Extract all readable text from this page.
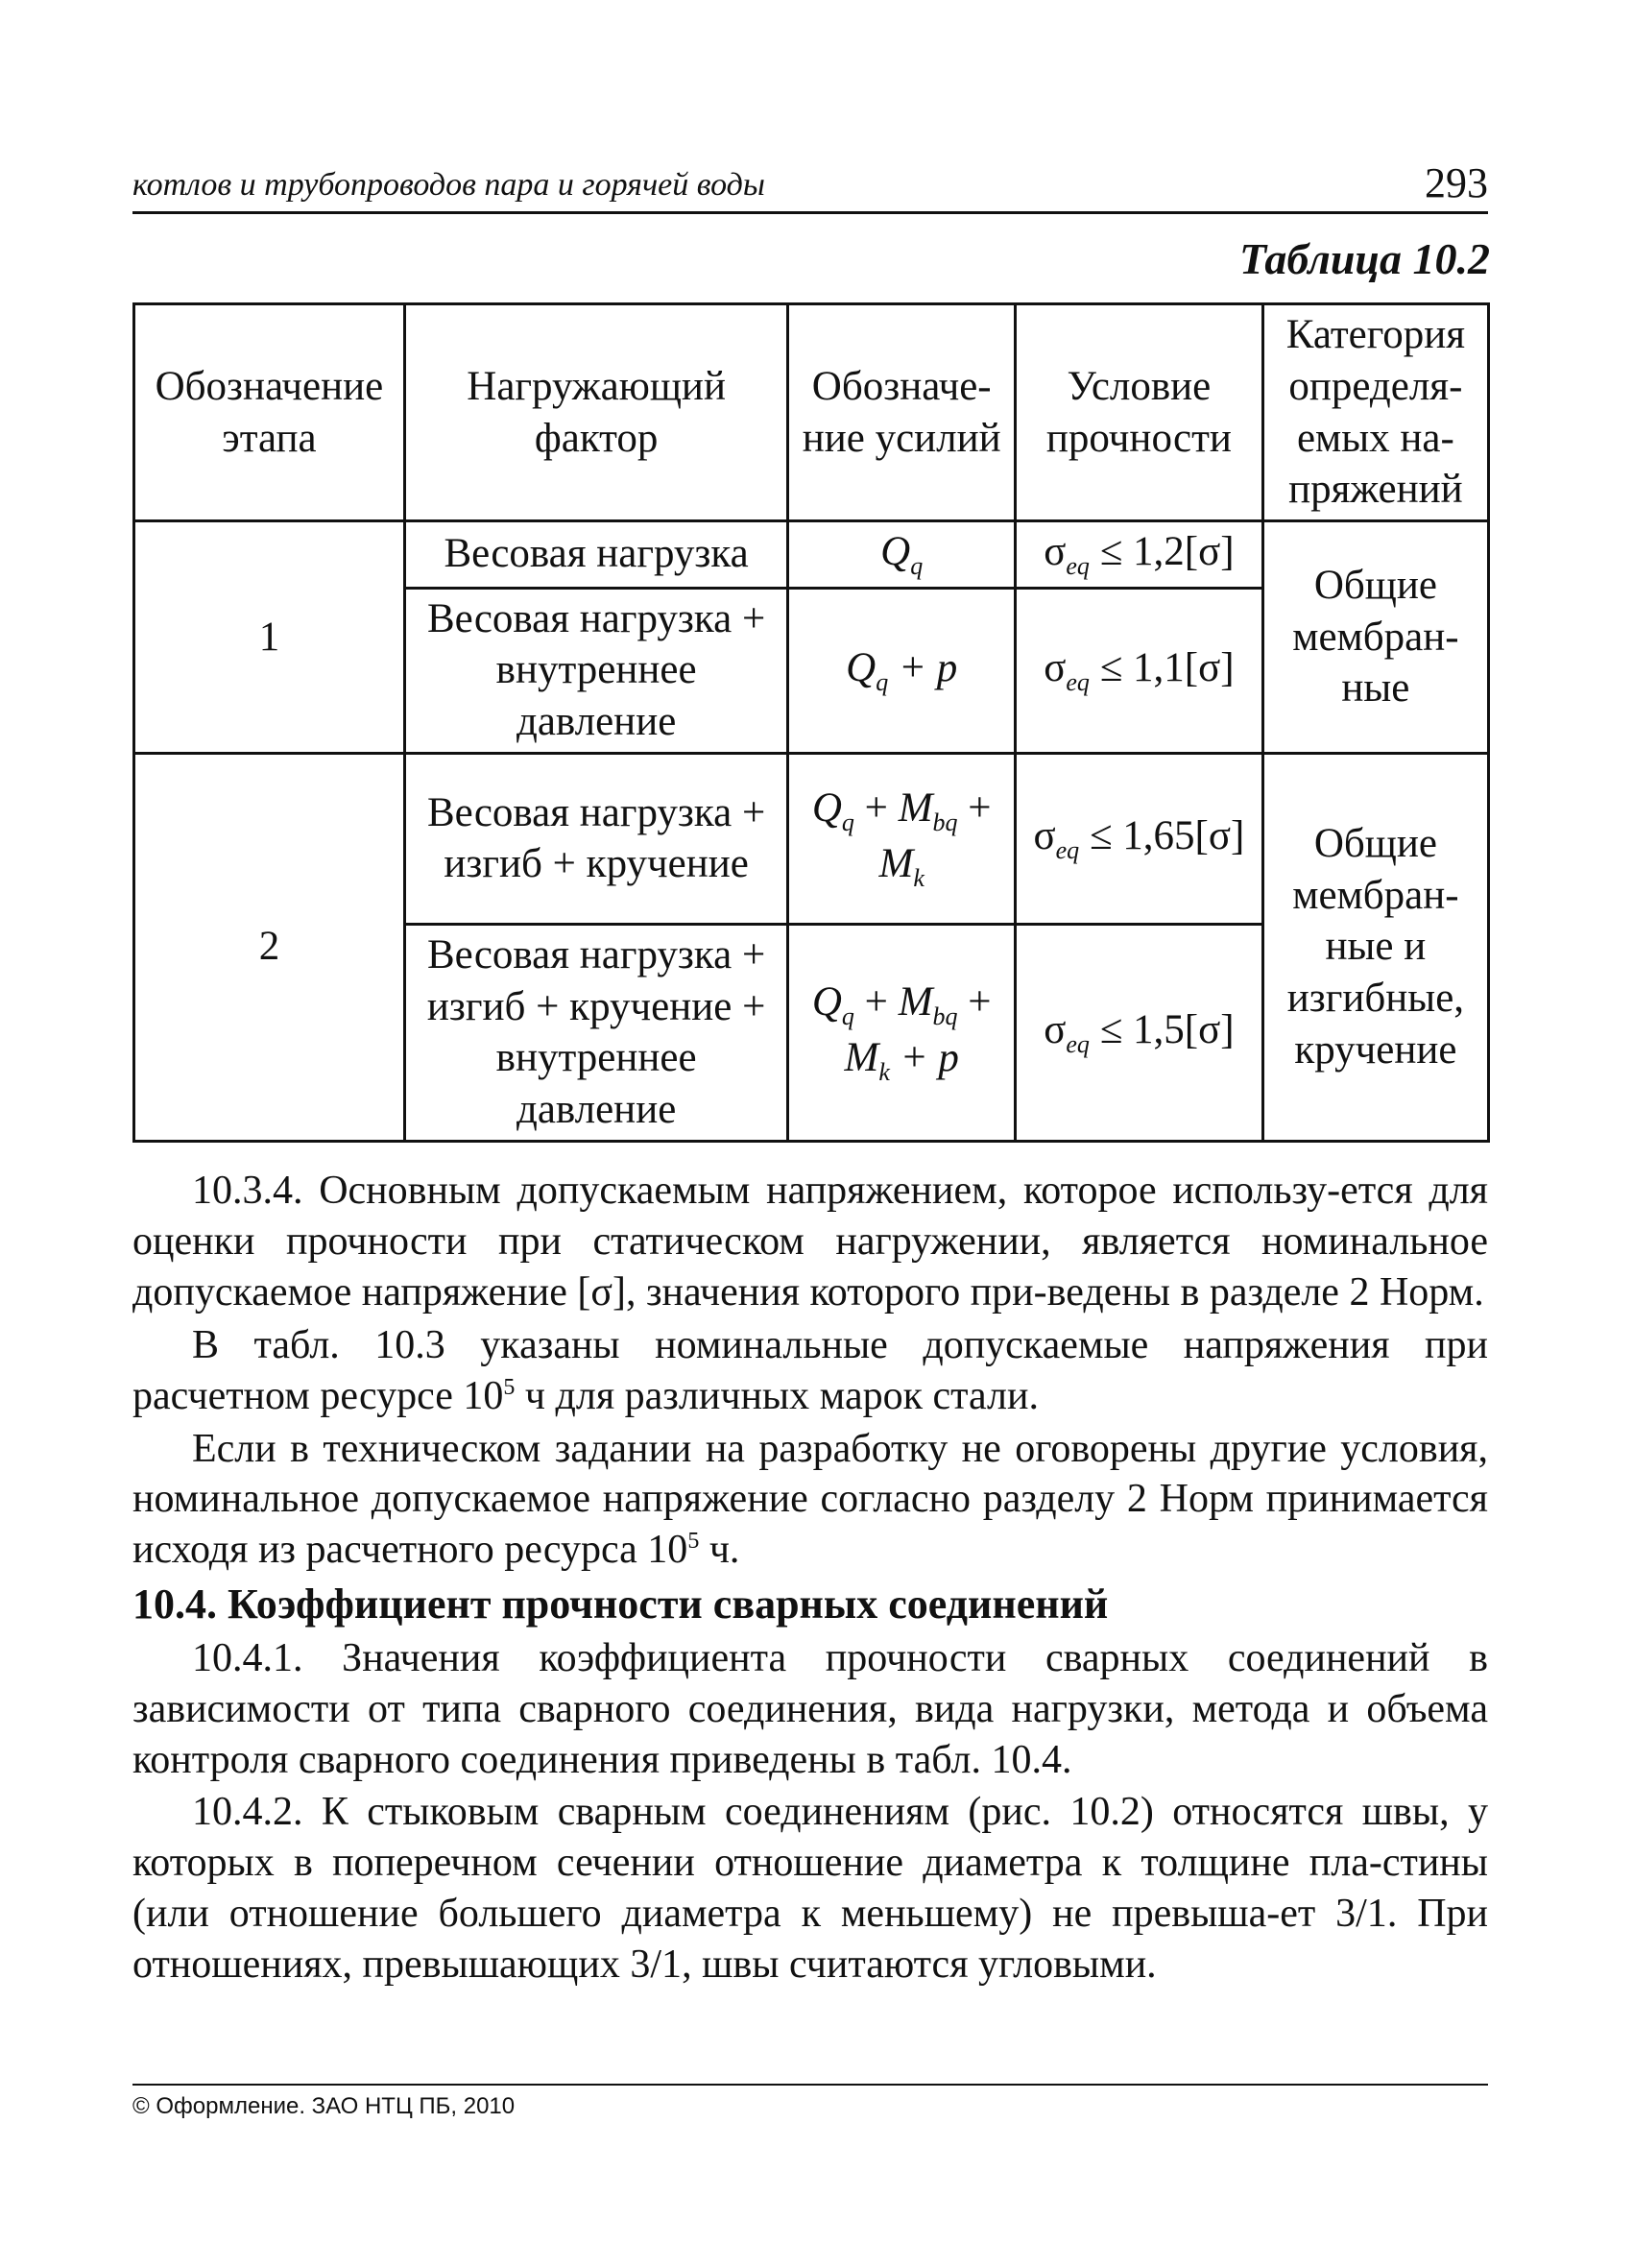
котлов и трубопроводов пара и горячей воды	293
Таблица 10.2
Обозначение этапа	Нагружающий фактор	Обозначе-ние усилий	Условие прочности	Категория определя-емых на-пряжений
1	Весовая нагрузка	$Q_q$	$\sigma_{eq} \le 1,2[\sigma]$	Общие мембран-ные
	Весовая нагрузка + внутреннее давление	$Q_q + p$	$\sigma_{eq} \le 1,1[\sigma]$	
2	Весовая нагрузка + изгиб + кручение	$Q_q + M_{bq} + M_k$	$\sigma_{eq} \le 1,65[\sigma]$	Общие мембран-ные и изгибные, кручение
	Весовая нагрузка + изгиб + кручение + внутреннее давление	$Q_q + M_{bq} + M_k + p$	$\sigma_{eq} \le 1,5[\sigma]$	

10.3.4. Основным допускаемым напряжением, которое использу-ется для оценки прочности при статическом нагружении, является номинальное допускаемое напряжение [σ], значения которого при-ведены в разделе 2 Норм.

В табл. 10.3 указаны номинальные допускаемые напряжения при расчетном ресурсе $10^5$ ч для различных марок стали.

Если в техническом задании на разработку не оговорены другие условия, номинальное допускаемое напряжение согласно разделу 2 Норм принимается исходя из расчетного ресурса $10^5$ ч.

10.4. Коэффициент прочности сварных соединений

10.4.1. Значения коэффициента прочности сварных соединений в зависимости от типа сварного соединения, вида нагрузки, метода и объема контроля сварного соединения приведены в табл. 10.4.

10.4.2. К стыковым сварным соединениям (рис. 10.2) относятся швы, у которых в поперечном сечении отношение диаметра к толщине пла-стины (или отношение большего диаметра к меньшему) не превыша-ет 3/1. При отношениях, превышающих 3/1, швы считаются угловыми.

© Оформление. ЗАО НТЦ ПБ, 2010
